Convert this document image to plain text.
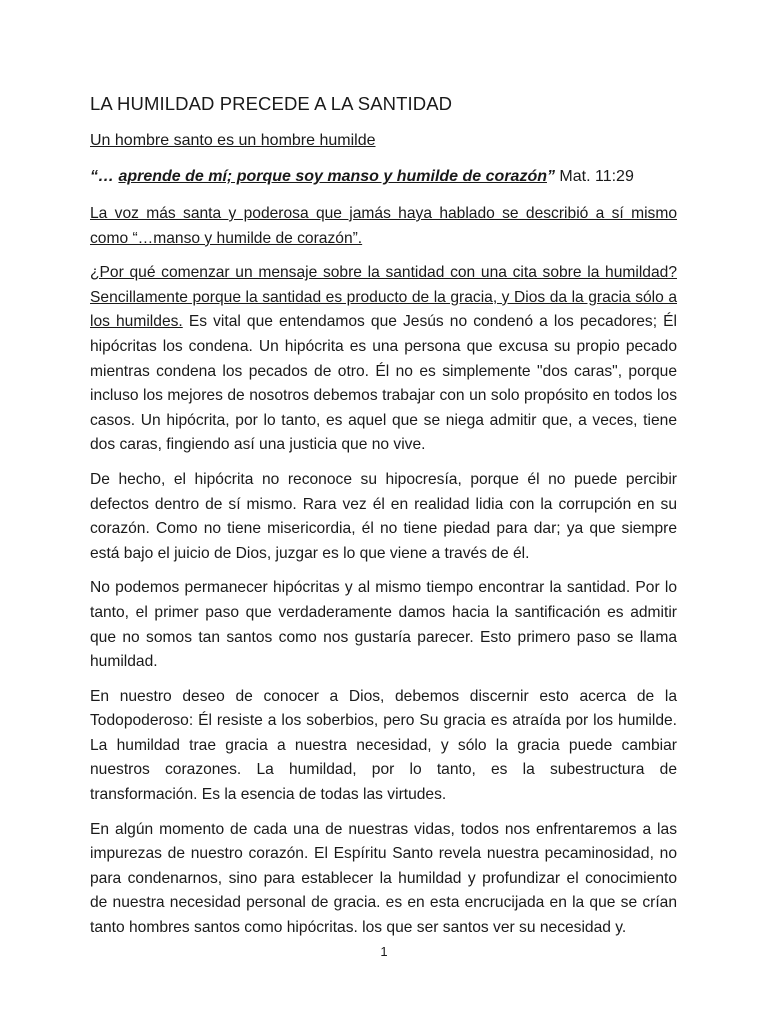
LA HUMILDAD PRECEDE A LA SANTIDAD
Un hombre santo es un hombre humilde
“… aprende de mí; porque soy manso y humilde de corazón” Mat. 11:29

La voz más santa y poderosa que jamás haya hablado se describió a sí mismo como “…manso y humilde de corazón”.

¿Por qué comenzar un mensaje sobre la santidad con una cita sobre la humildad? Sencillamente porque la santidad es producto de la gracia, y Dios da la gracia sólo a los humildes. Es vital que entendamos que Jesús no condenó a los pecadores; Él hipócritas los condena. Un hipócrita es una persona que excusa su propio pecado mientras condena los pecados de otro. Él no es simplemente "dos caras", porque incluso los mejores de nosotros debemos trabajar con un solo propósito en todos los casos. Un hipócrita, por lo tanto, es aquel que se niega admitir que, a veces, tiene dos caras, fingiendo así una justicia que no vive.

De hecho, el hipócrita no reconoce su hipocresía, porque él no puede percibir defectos dentro de sí mismo. Rara vez él en realidad lidia con la corrupción en su corazón. Como no tiene misericordia, él no tiene piedad para dar; ya que siempre está bajo el juicio de Dios, juzgar es lo que viene a través de él.

No podemos permanecer hipócritas y al mismo tiempo encontrar la santidad. Por lo tanto, el primer paso que verdaderamente damos hacia la santificación es admitir que no somos tan santos como nos gustaría parecer. Esto primero paso se llama humildad.

En nuestro deseo de conocer a Dios, debemos discernir esto acerca de la Todopoderoso: Él resiste a los soberbios, pero Su gracia es atraída por los humilde. La humildad trae gracia a nuestra necesidad, y sólo la gracia puede cambiar nuestros corazones. La humildad, por lo tanto, es la subestructura de transformación. Es la esencia de todas las virtudes.

En algún momento de cada una de nuestras vidas, todos nos enfrentaremos a las impurezas de nuestro corazón. El Espíritu Santo revela nuestra pecaminosidad, no para condenarnos, sino para establecer la humildad y profundizar el conocimiento de nuestra necesidad personal de gracia. es en esta encrucijada en la que se crían tanto hombres santos como hipócritas. los que ser santos ver su necesidad y.

1
